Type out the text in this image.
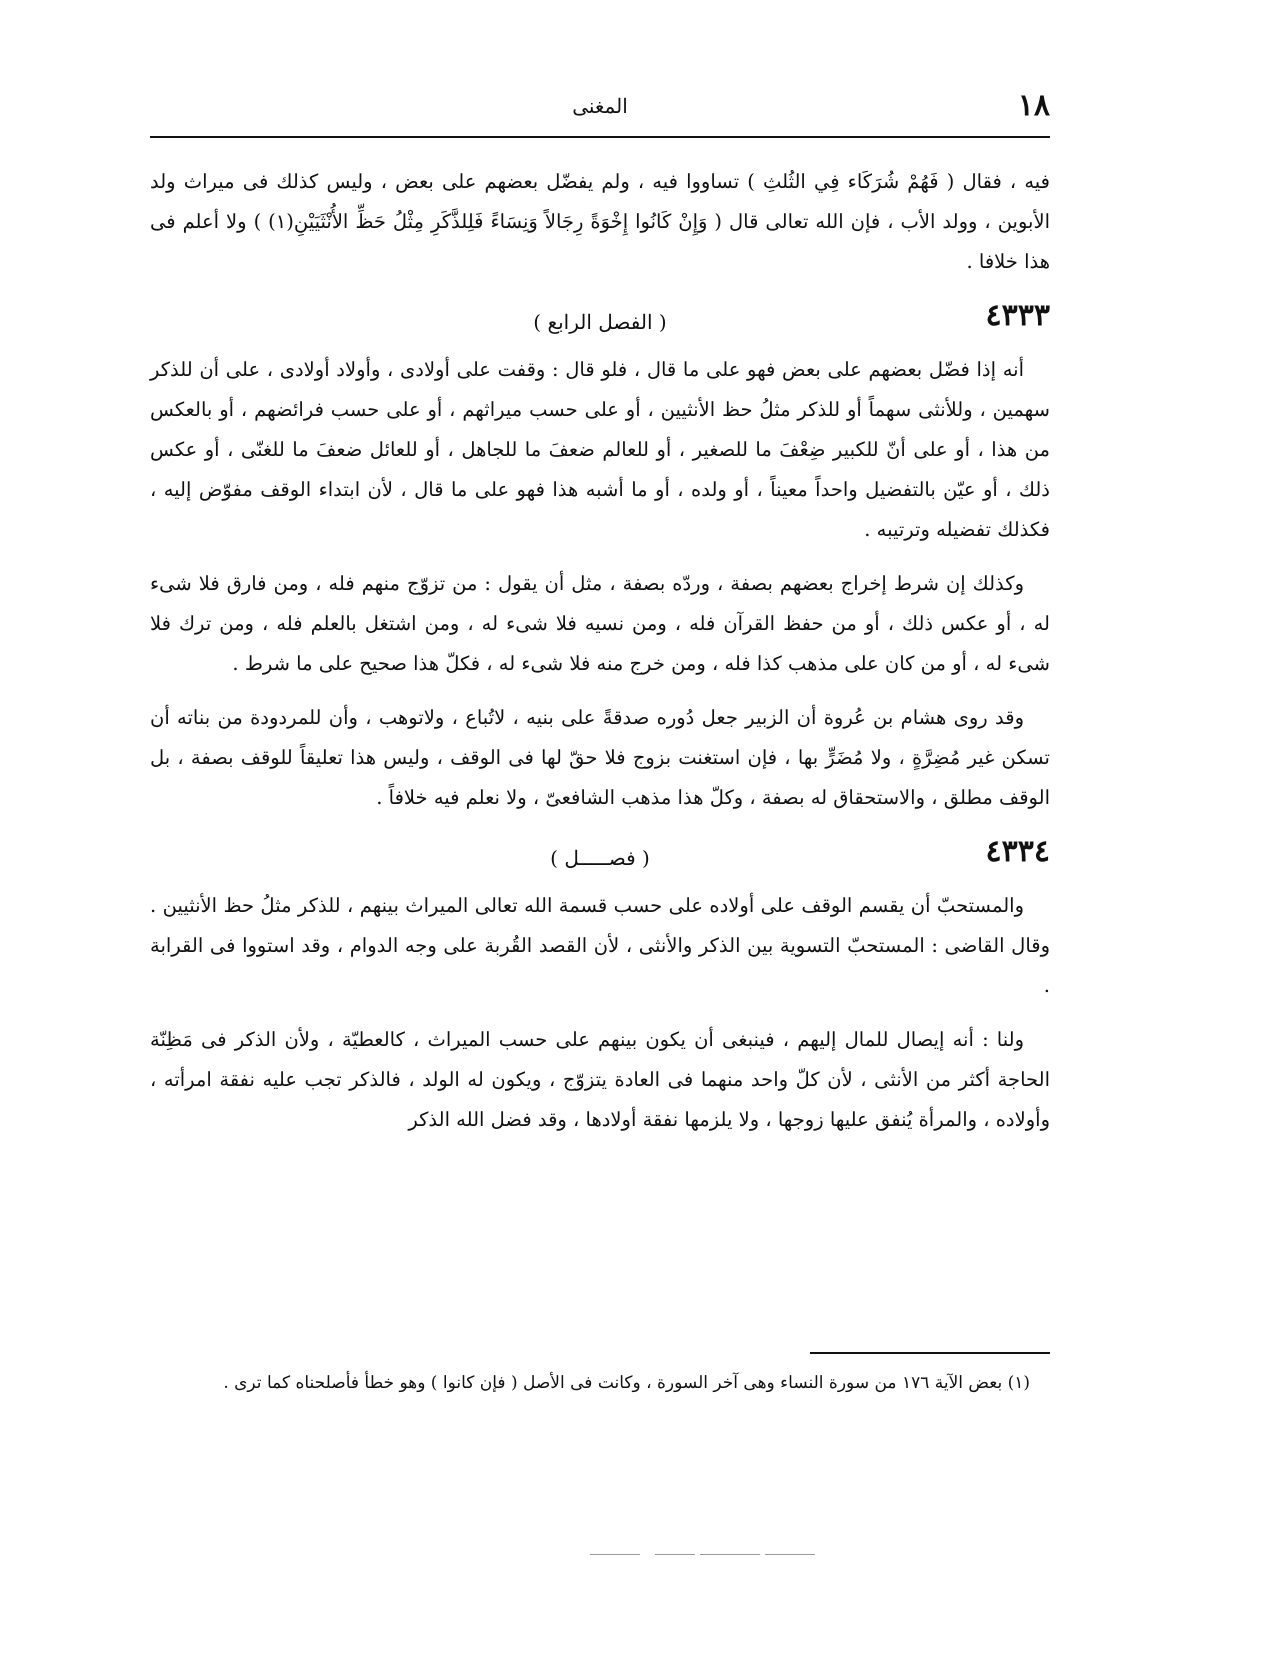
١٨
المغنى

فيه ، فقال ( فَهُمْ شُرَكَاء فِي الثُلثِ ) تساووا فيه ، ولم يفضّل بعضهم على بعض ، وليس كذلك فى ميراث ولد الأبوين ، وولد الأب ، فإن الله تعالى قال ( وَإِنْ كَانُوا إِخْوَةً رِجَالاً وَنِسَاءً فَلِلذَّكَرِ مِثْلُ حَظِّ الأُنْثَيَيْنِ(١) ) ولا أعلم فى هذا خلافا .

٤٣٣٣
( الفصل الرابع )

أنه إذا فضّل بعضهم على بعض فهو على ما قال ، فلو قال : وقفت على أولادى ، وأولاد أولادى ، على أن للذكر سهمين ، وللأنثى سهماً أو للذكر مثلُ حظ الأنثيين ، أو على حسب ميراثهم ، أو على حسب فرائضهم ، أو بالعكس من هذا ، أو على أنّ للكبير ضِعْفَ ما للصغير ، أو للعالم ضعفَ ما للجاهل ، أو للعائل ضعفَ ما للغنّى ، أو عكس ذلك ، أو عيّن بالتفضيل واحداً معيناً ، أو ولده ، أو ما أشبه هذا فهو على ما قال ، لأن ابتداء الوقف مفوّض إليه ، فكذلك تفضيله وترتيبه .

وكذلك إن شرط إخراج بعضهم بصفة ، وردّه بصفة ، مثل أن يقول : من تزوّج منهم فله ، ومن فارق فلا شىء له ، أو عكس ذلك ، أو من حفظ القرآن فله ، ومن نسيه فلا شىء له ، ومن اشتغل بالعلم فله ، ومن ترك فلا شىء له ، أو من كان على مذهب كذا فله ، ومن خرج منه فلا شىء له ، فكلّ هذا صحيح على ما شرط .

وقد روى هشام بن عُروة أن الزبير جعل دُوره صدقةً على بنيه ، لاتُباع ، ولاتوهب ، وأن للمردودة من بناته أن تسكن غير مُضِرَّةٍ ، ولا مُضَرٍّ بها ، فإن استغنت بزوج فلا حقّ لها فى الوقف ، وليس هذا تعليقاً للوقف بصفة ، بل الوقف مطلق ، والاستحقاق له بصفة ، وكلّ هذا مذهب الشافعىّ ، ولا نعلم فيه خلافاً .

٤٣٣٤
( فصـــــل )

والمستحبّ أن يقسم الوقف على أولاده على حسب قسمة الله تعالى الميراث بينهم ، للذكر مثلُ حظ الأنثيين . وقال القاضى : المستحبّ التسوية بين الذكر والأنثى ، لأن القصد القُربة على وجه الدوام ، وقد استووا فى القرابة .

ولنا : أنه إيصال للمال إليهم ، فينبغى أن يكون بينهم على حسب الميراث ، كالعطيّة ، ولأن الذكر فى مَظِنّة الحاجة أكثر من الأنثى ، لأن كلّ واحد منهما فى العادة يتزوّج ، ويكون له الولد ، فالذكر تجب عليه نفقة امرأته ، وأولاده ، والمرأة يُنفق عليها زوجها ، ولا يلزمها نفقة أولادها ، وقد فضل الله الذكر

(١) بعض الآية ١٧٦ من سورة النساء وهى آخر السورة ، وكانت فى الأصل ( فإن كانوا ) وهو خطأ فأصلحناه كما ترى .
